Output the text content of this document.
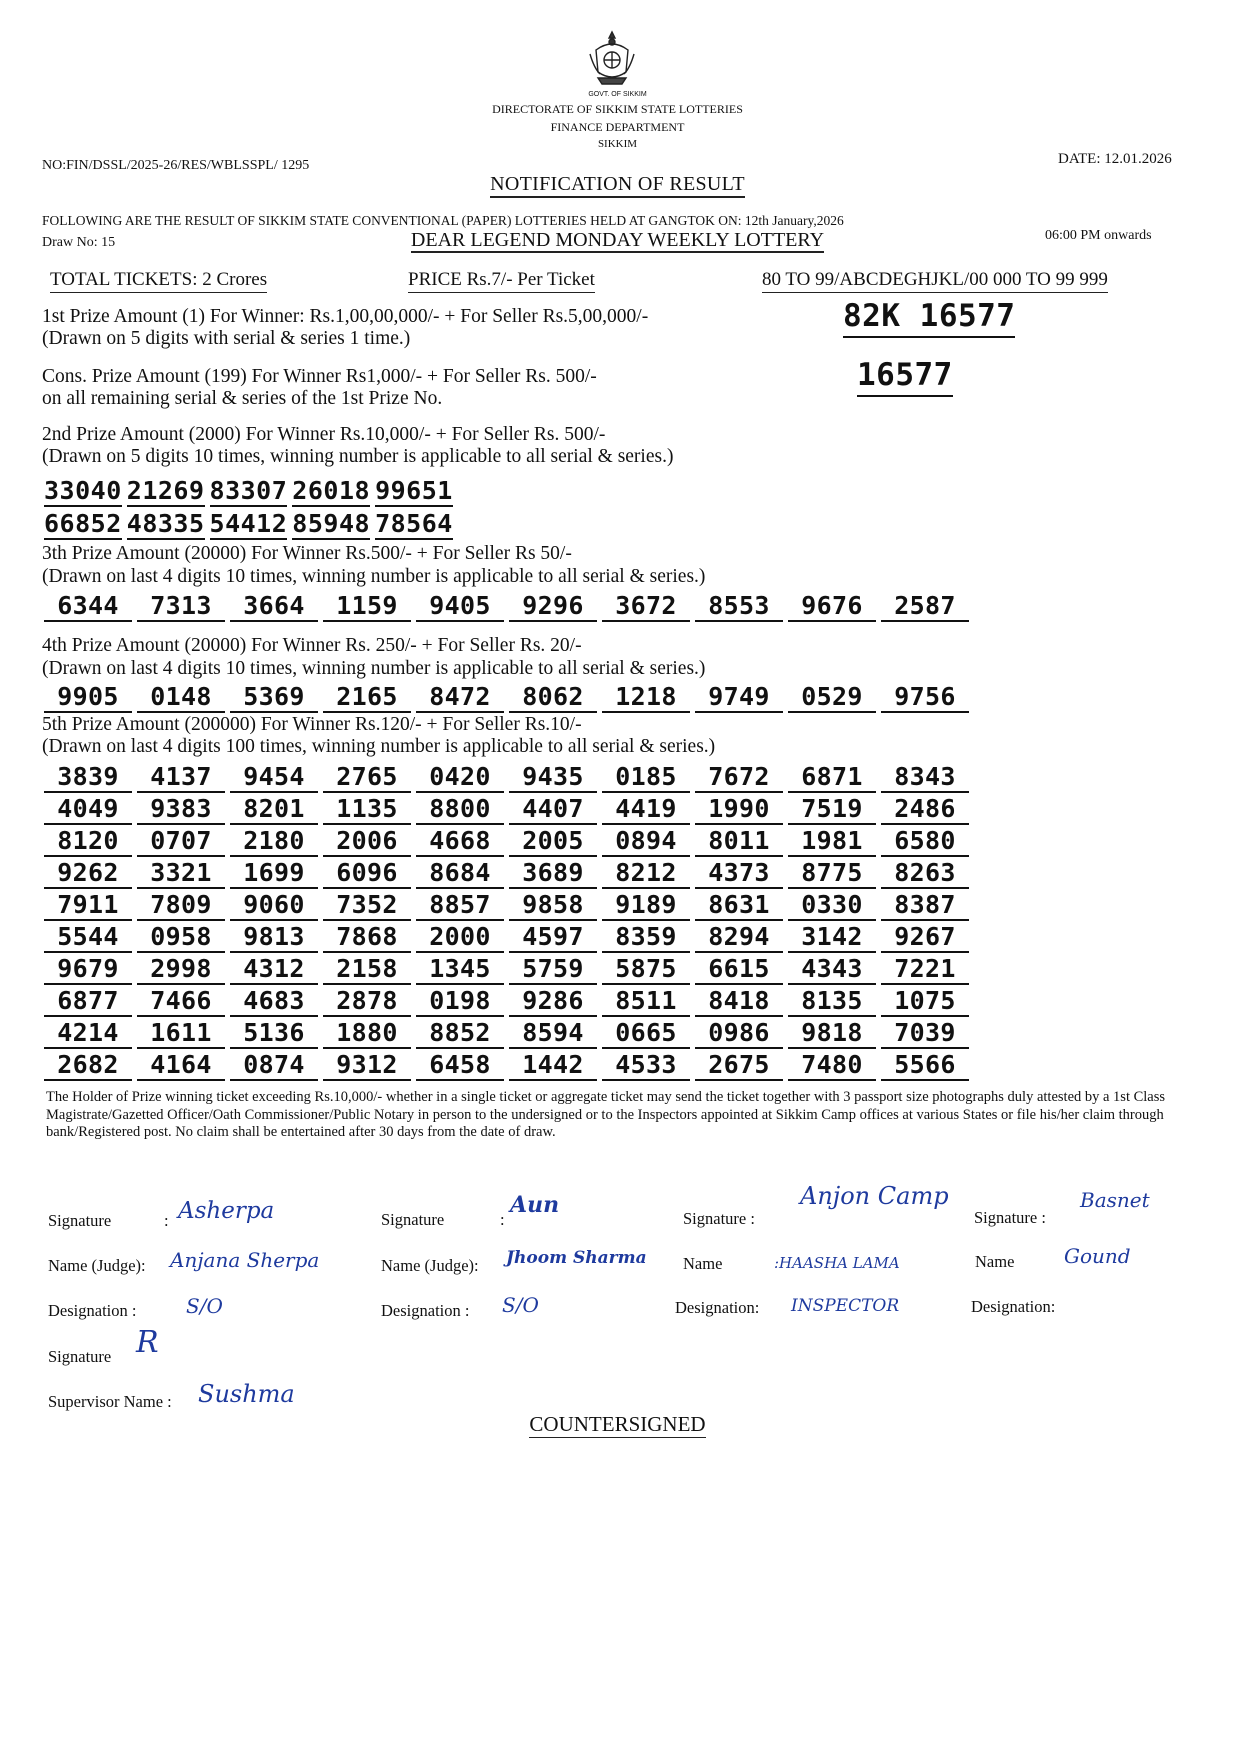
GOVT. OF SIKKIM
DIRECTORATE OF SIKKIM STATE LOTTERIES
FINANCE DEPARTMENT
SIKKIM
NO:FIN/DSSL/2025-26/RES/WBLSSPL/ 1295	DATE: 12.01.2026
NOTIFICATION OF RESULT
FOLLOWING ARE THE RESULT OF SIKKIM STATE CONVENTIONAL (PAPER) LOTTERIES HELD AT GANGTOK ON: 12th January,2026
Draw No: 15	DEAR LEGEND MONDAY WEEKLY LOTTERY	06:00 PM onwards
TOTAL TICKETS: 2 Crores	PRICE Rs.7/- Per Ticket	80 TO 99/ABCDEGHJKL/00 000 TO 99 999
1st Prize Amount (1) For Winner: Rs.1,00,00,000/- + For Seller Rs.5,00,000/-
(Drawn on 5 digits with serial & series 1 time.)
82K 16577
Cons. Prize Amount (199) For Winner Rs1,000/- + For Seller Rs. 500/-
on all remaining serial & series of the 1st Prize No.
16577
2nd Prize Amount (2000) For Winner Rs.10,000/- + For Seller Rs. 500/-
(Drawn on 5 digits 10 times, winning number is applicable to all serial & series.)
33040 21269 83307 26018 99651
66852 48335 54412 85948 78564
3th Prize Amount (20000) For Winner Rs.500/- + For Seller Rs 50/-
(Drawn on last 4 digits 10 times, winning number is applicable to all serial & series.)
6344	7313	3664	1159	9405	9296	3672	8553	9676	2587
4th Prize Amount (20000) For Winner Rs. 250/- + For Seller Rs. 20/-
(Drawn on last 4 digits 10 times, winning number is applicable to all serial & series.)
9905	0148	5369	2165	8472	8062	1218	9749	0529	9756
5th Prize Amount (200000) For Winner Rs.120/- + For Seller Rs.10/-
(Drawn on last 4 digits 100 times, winning number is applicable to all serial & series.)
3839	4137	9454	2765	0420	9435	0185	7672	6871	8343
4049	9383	8201	1135	8800	4407	4419	1990	7519	2486
8120	0707	2180	2006	4668	2005	0894	8011	1981	6580
9262	3321	1699	6096	8684	3689	8212	4373	8775	8263
7911	7809	9060	7352	8857	9858	9189	8631	0330	8387
5544	0958	9813	7868	2000	4597	8359	8294	3142	9267
9679	2998	4312	2158	1345	5759	5875	6615	4343	7221
6877	7466	4683	2878	0198	9286	8511	8418	8135	1075
4214	1611	5136	1880	8852	8594	0665	0986	9818	7039
2682	4164	0874	9312	6458	1442	4533	2675	7480	5566
The Holder of Prize winning ticket exceeding Rs.10,000/- whether in a single ticket or aggregate ticket may send the ticket together with 3 passport size photographs duly attested by a 1st Class Magistrate/Gazetted Officer/Oath Commissioner/Public Notary in person to the undersigned or to the Inspectors appointed at Sikkim Camp offices at various States or file his/her claim through bank/Registered post. No claim shall be entertained after 30 days from the date of draw.
Signature	: Asherpa
Name (Judge): Anjana Sherpa
Designation : S/O
Signature	:
Aun
Name (Judge): Jhoom Sharma
Designation : S/O
Signature :
Anjon Camp
Name	:HAASHA LAMA
Designation: INSPECTOR
Signature :
Basnet
Name Gound
Designation:
Signature R
Supervisor Name : Sushma
COUNTERSIGNED
